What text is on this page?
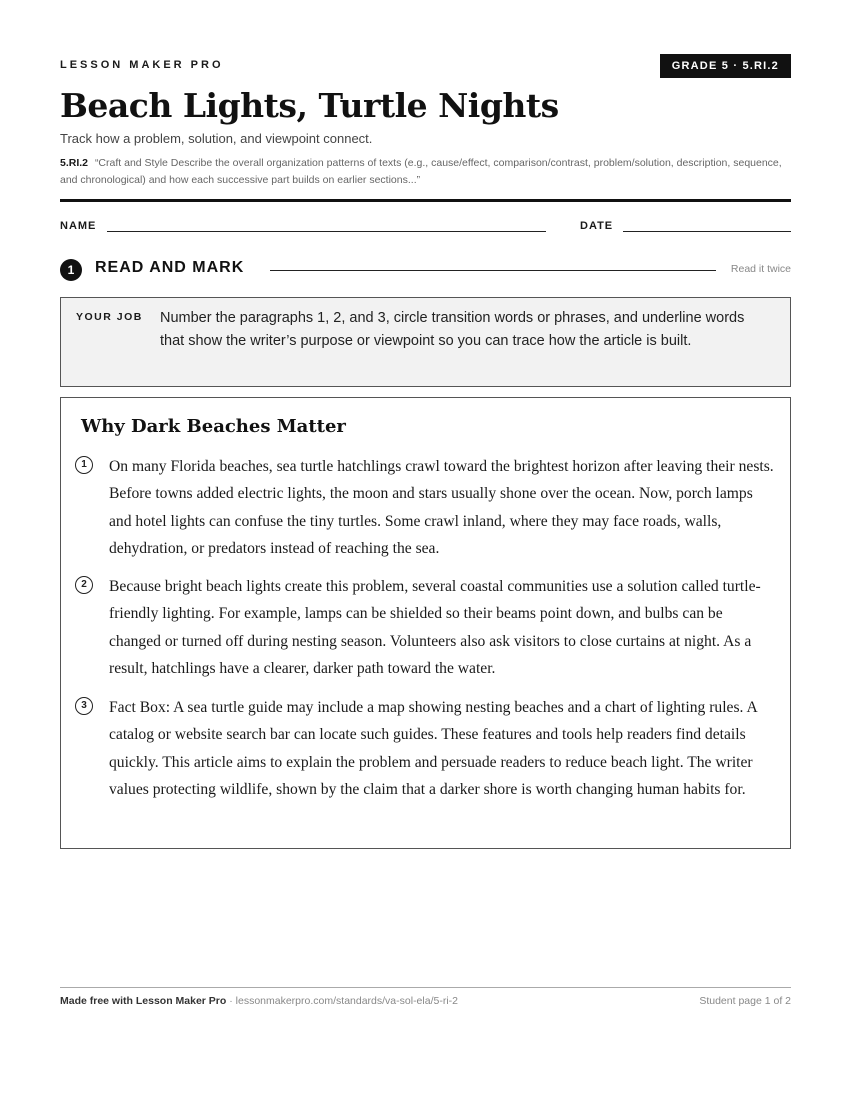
LESSON MAKER PRO	GRADE 5 · 5.RI.2
Beach Lights, Turtle Nights
Track how a problem, solution, and viewpoint connect.
5.RI.2 “Craft and Style Describe the overall organization patterns of texts (e.g., cause/effect, comparison/contrast, problem/solution, description, sequence, and chronological) and how each successive part builds on earlier sections...”
NAME	DATE
1	READ AND MARK	Read it twice
YOUR JOB Number the paragraphs 1, 2, and 3, circle transition words or phrases, and underline words that show the writer’s purpose or viewpoint so you can trace how the article is built.
Why Dark Beaches Matter
1	On many Florida beaches, sea turtle hatchlings crawl toward the brightest horizon after leaving their nests. Before towns added electric lights, the moon and stars usually shone over the ocean. Now, porch lamps and hotel lights can confuse the tiny turtles. Some crawl inland, where they may face roads, walls, dehydration, or predators instead of reaching the sea.

2	Because bright beach lights create this problem, several coastal communities use a solution called turtle-friendly lighting. For example, lamps can be shielded so their beams point down, and bulbs can be changed or turned off during nesting season. Volunteers also ask visitors to close curtains at night. As a result, hatchlings have a clearer, darker path toward the water.

3	Fact Box: A sea turtle guide may include a map showing nesting beaches and a chart of lighting rules. A catalog or website search bar can locate such guides. These features and tools help readers find details quickly. This article aims to explain the problem and persuade readers to reduce beach light. The writer values protecting wildlife, shown by the claim that a darker shore is worth changing human habits for.

Made free with Lesson Maker Pro · lessonmakerpro.com/standards/va-sol-ela/5-ri-2	Student page 1 of 2
